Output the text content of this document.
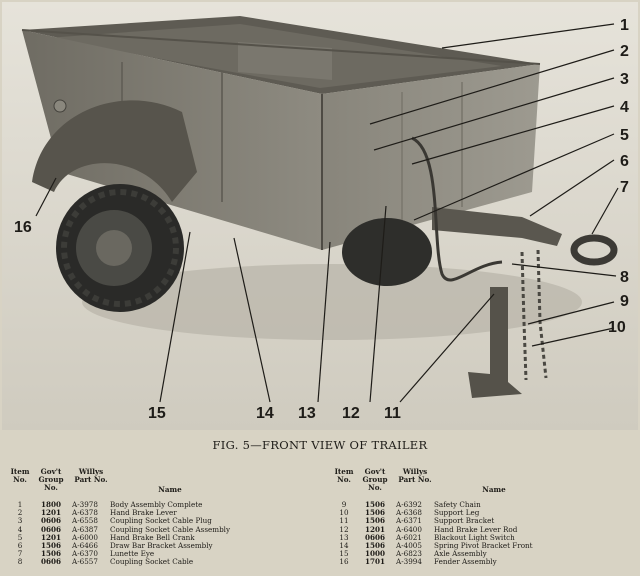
1
2
3
4
5
6
7
8
9
10
11
12
13
14
15
16
FIG. 5—FRONT VIEW OF TRAILER
Item No.
Gov't Group No.
Willys Part No.
Name
1	1800	A-3978	Body Assembly Complete
2	1201	A-6378	Hand Brake Lever
3	0606	A-6558	Coupling Socket Cable Plug
4	0606	A-6387	Coupling Socket Cable Assembly
5	1201	A-6000	Hand Brake Bell Crank
6	1506	A-6466	Draw Bar Bracket Assembly
7	1506	A-6370	Lunette Eye
8	0606	A-6557	Coupling Socket Cable
Item No.
Gov't Group No.
Willys Part No.
Name
9	1506	A-6392	Safety Chain
10	1506	A-6368	Support Leg
11	1506	A-6371	Support Bracket
12	1201	A-6400	Hand Brake Lever Rod
13	0606	A-6021	Blackout Light Switch
14	1506	A-4005	Spring Pivot Bracket Front
15	1000	A-6823	Axle Assembly
16	1701	A-3994	Fender Assembly
